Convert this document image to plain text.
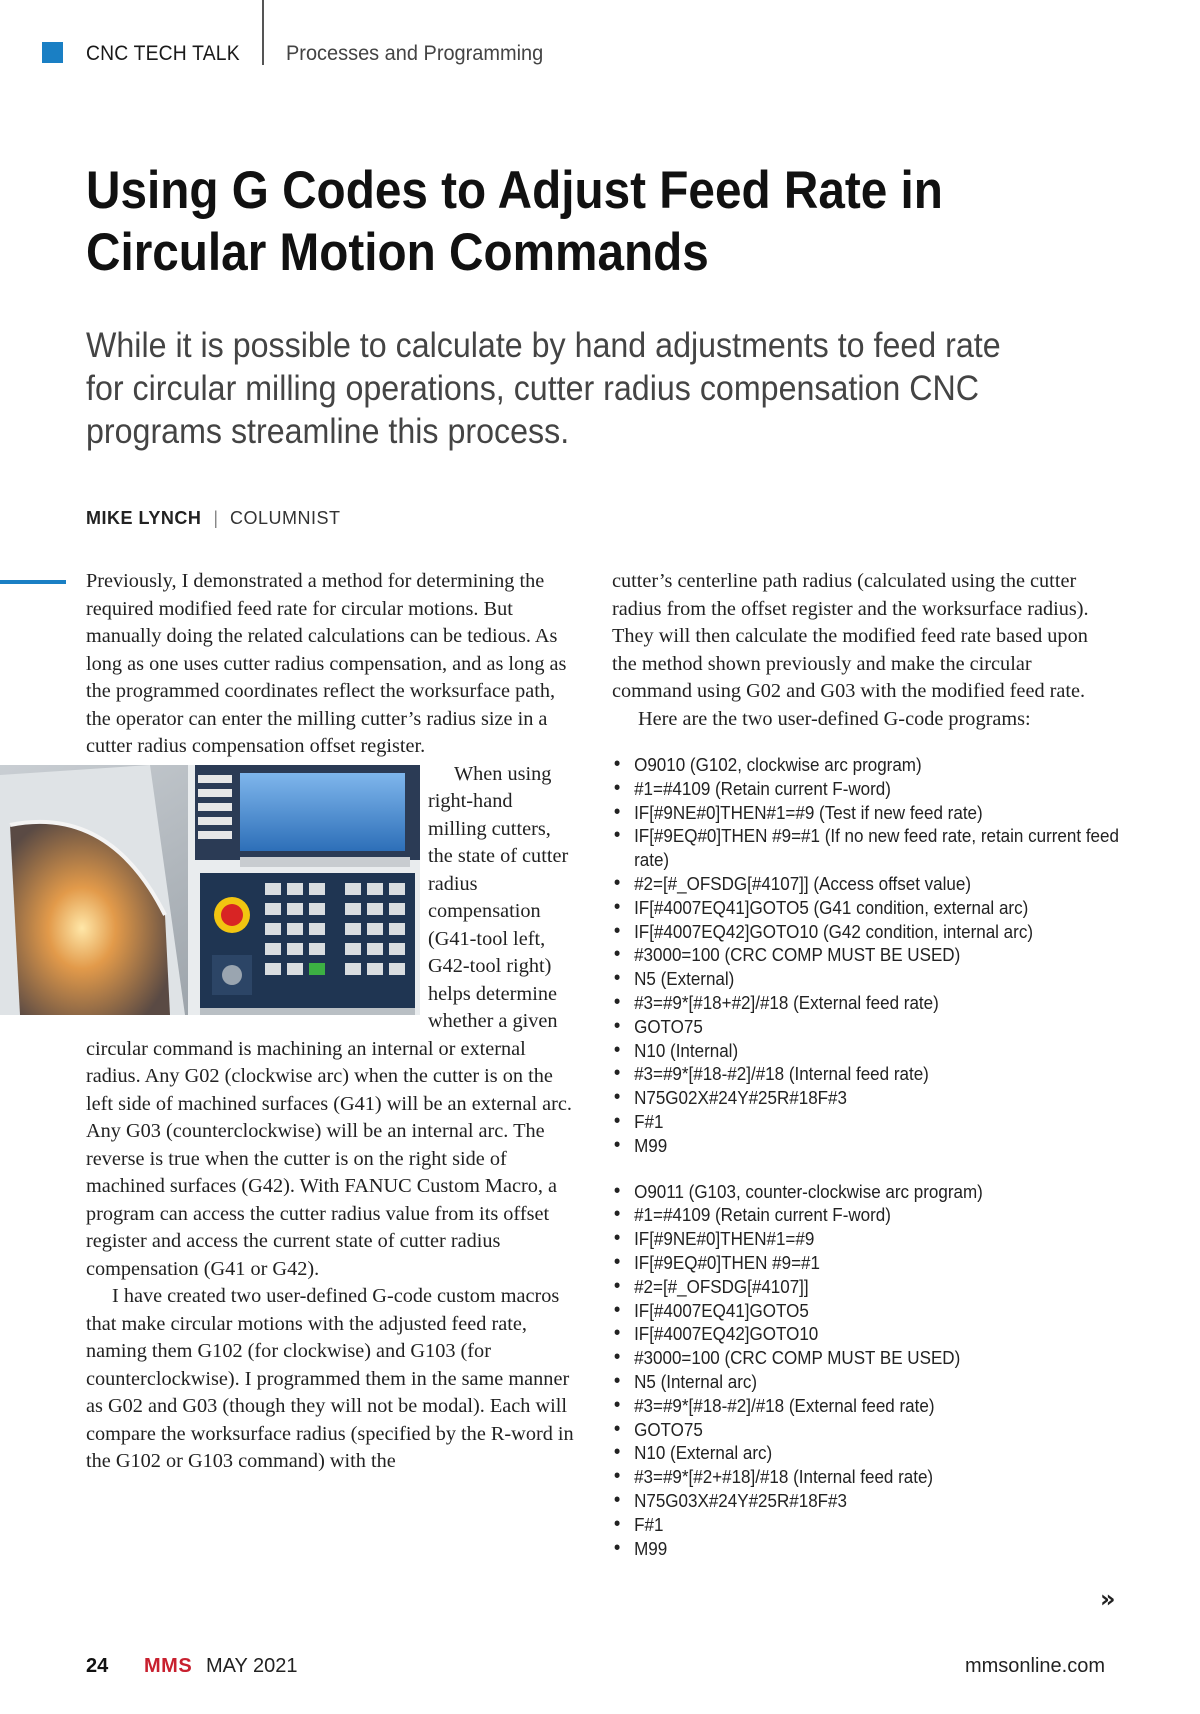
CNC TECH TALK Processes and Programming
Using G Codes to Adjust Feed Rate in
Circular Motion Commands
While it is possible to calculate by hand adjustments to feed rate
for circular milling operations, cutter radius compensation CNC
programs streamline this process.
MIKE LYNCH | COLUMNIST

Previously, I demonstrated a method for determining the required modified feed rate for circular motions. But manually doing the related calculations can be tedious. As long as one uses cutter radius compensation, and as long as the programmed coordinates reflect the worksurface path, the operator can enter the milling cutter’s radius size in a cutter radius compensation offset register.

When using right-hand milling cutters, the state of cutter radius compensation (G41-tool left, G42-tool right) helps determine whether a given circular command is machining an internal or external radius. Any G02 (clockwise arc) when the cutter is on the left side of machined surfaces (G41) will be an external arc. Any G03 (counterclockwise) will be an internal arc. The reverse is true when the cutter is on the right side of machined surfaces (G42). With FANUC Custom Macro, a program can access the cutter radius value from its offset register and access the current state of cutter radius compensation (G41 or G42).

I have created two user-defined G-code custom macros that make circular motions with the adjusted feed rate, naming them G102 (for clockwise) and G103 (for counterclockwise). I programmed them in the same manner as G02 and G03 (though they will not be modal). Each will compare the worksurface radius (specified by the R-word in the G102 or G103 command) with the

cutter’s centerline path radius (calculated using the cutter radius from the offset register and the worksurface radius). They will then calculate the modified feed rate based upon the method shown previously and make the circular command using G02 and G03 with the modified feed rate.

Here are the two user-defined G-code programs:

• O9010 (G102, clockwise arc program)
• #1=#4109 (Retain current F-word)
• IF[#9NE#0]THEN#1=#9 (Test if new feed rate)
• IF[#9EQ#0]THEN #9=#1 (If no new feed rate, retain current feed rate)
• #2=[#_OFSDG[#4107]] (Access offset value)
• IF[#4007EQ41]GOTO5 (G41 condition, external arc)
• IF[#4007EQ42]GOTO10 (G42 condition, internal arc)
• #3000=100 (CRC COMP MUST BE USED)
• N5 (External)
• #3=#9*[#18+#2]/#18 (External feed rate)
• GOTO75
• N10 (Internal)
• #3=#9*[#18-#2]/#18 (Internal feed rate)
• N75G02X#24Y#25R#18F#3
• F#1
• M99
• O9011 (G103, counter-clockwise arc program)
• #1=#4109 (Retain current F-word)
• IF[#9NE#0]THEN#1=#9
• IF[#9EQ#0]THEN #9=#1
• #2=[#_OFSDG[#4107]]
• IF[#4007EQ41]GOTO5
• IF[#4007EQ42]GOTO10
• #3000=100 (CRC COMP MUST BE USED)
• N5 (Internal arc)
• #3=#9*[#18-#2]/#18 (External feed rate)
• GOTO75
• N10 (External arc)
• #3=#9*[#2+#18]/#18 (Internal feed rate)
• N75G03X#24Y#25R#18F#3
• F#1
• M99
»
24 MMS MAY 2021	mmsonline.com
